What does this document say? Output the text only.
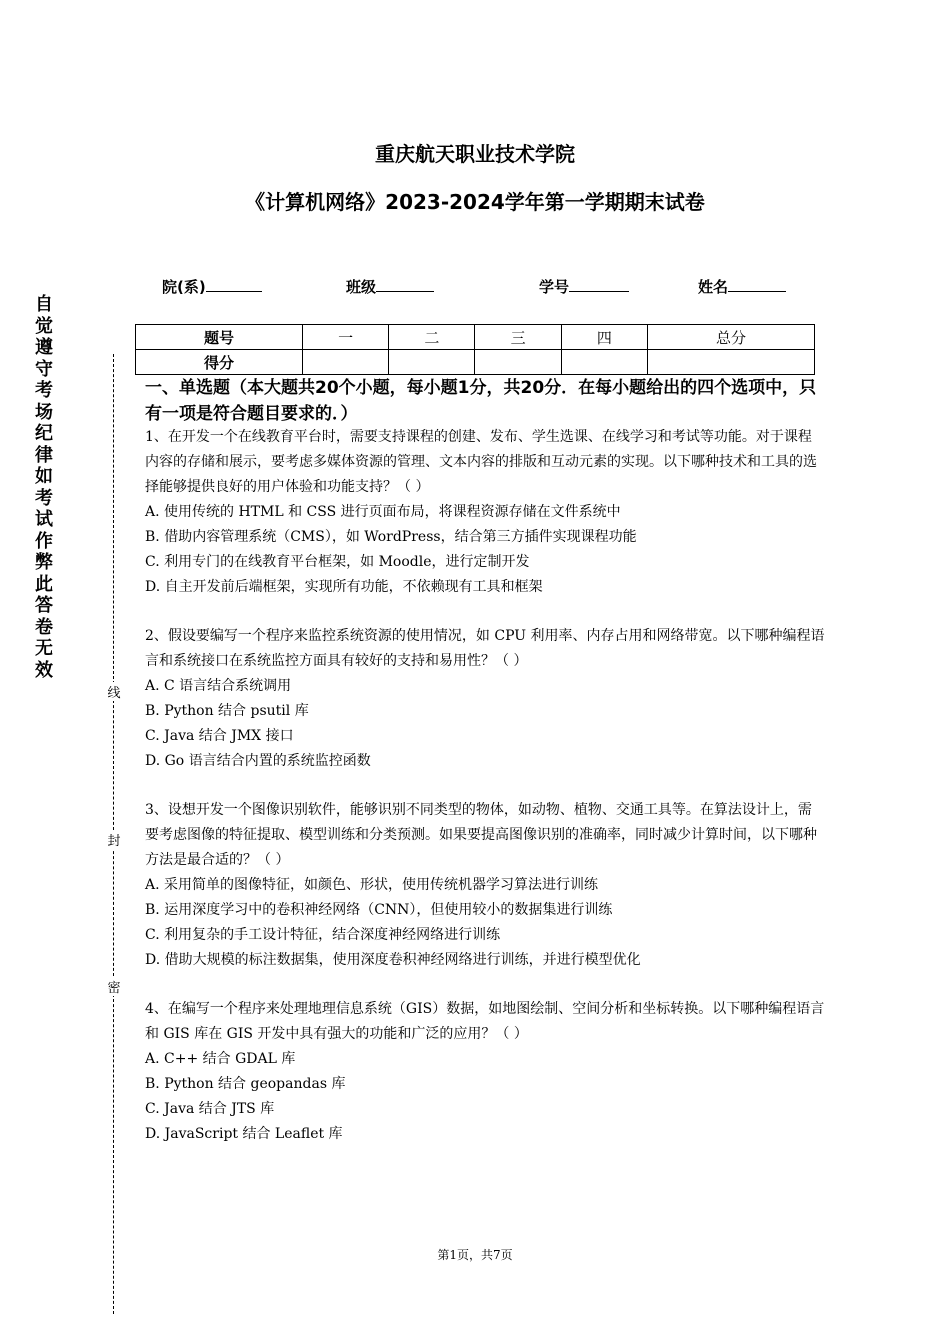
重庆航天职业技术学院
《计算机网络》2023-2024学年第一学期期末试卷
院(系)	班级	学号	姓名
题号	一	二	三	四	总分
得分					
自
觉
遵
守
考
场
纪
律
如
考
试
作
弊
此
答
卷
无
效
线
封
密
一、单选题（本大题共20个小题，每小题1分，共20分．在每小题给出的四个选项中，只有一项是符合题目要求的．）
1、在开发一个在线教育平台时，需要支持课程的创建、发布、学生选课、在线学习和考试等功能。对于课程内容的存储和展示，要考虑多媒体资源的管理、文本内容的排版和互动元素的实现。以下哪种技术和工具的选择能够提供良好的用户体验和功能支持？（ ）
A. 使用传统的 HTML 和 CSS 进行页面布局，将课程资源存储在文件系统中
B. 借助内容管理系统（CMS），如 WordPress，结合第三方插件实现课程功能
C. 利用专门的在线教育平台框架，如 Moodle，进行定制开发
D. 自主开发前后端框架，实现所有功能，不依赖现有工具和框架
2、假设要编写一个程序来监控系统资源的使用情况，如 CPU 利用率、内存占用和网络带宽。以下哪种编程语言和系统接口在系统监控方面具有较好的支持和易用性？（ ）
A. C 语言结合系统调用
B. Python 结合 psutil 库
C. Java 结合 JMX 接口
D. Go 语言结合内置的系统监控函数
3、设想开发一个图像识别软件，能够识别不同类型的物体，如动物、植物、交通工具等。在算法设计上，需要考虑图像的特征提取、模型训练和分类预测。如果要提高图像识别的准确率，同时减少计算时间，以下哪种方法是最合适的？（ ）
A. 采用简单的图像特征，如颜色、形状，使用传统机器学习算法进行训练
B. 运用深度学习中的卷积神经网络（CNN），但使用较小的数据集进行训练
C. 利用复杂的手工设计特征，结合深度神经网络进行训练
D. 借助大规模的标注数据集，使用深度卷积神经网络进行训练，并进行模型优化
4、在编写一个程序来处理地理信息系统（GIS）数据，如地图绘制、空间分析和坐标转换。以下哪种编程语言和 GIS 库在 GIS 开发中具有强大的功能和广泛的应用？（ ）
A. C++ 结合 GDAL 库
B. Python 结合 geopandas 库
C. Java 结合 JTS 库
D. JavaScript 结合 Leaflet 库
第1页，共7页
